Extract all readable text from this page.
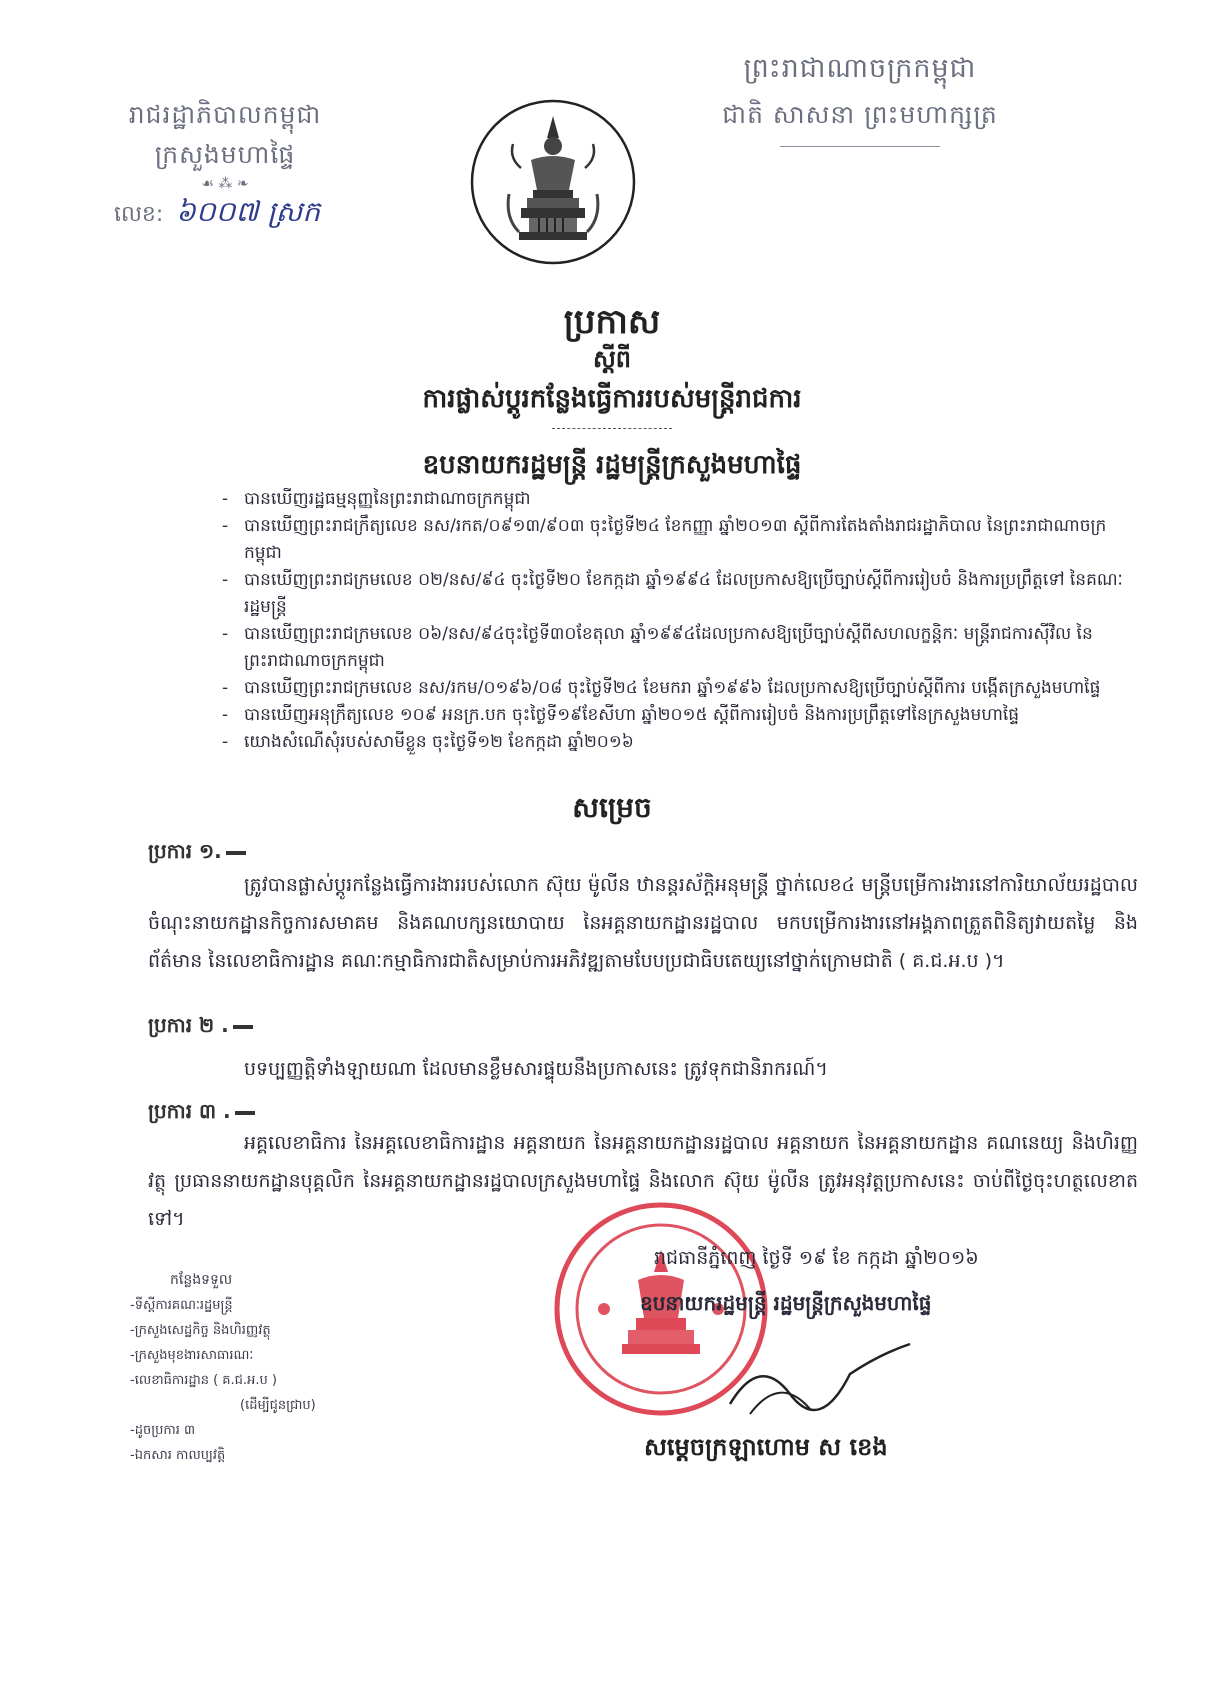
រាជរដ្ឋាភិបាលកម្ពុជា
ក្រសួងមហាផ្ទៃ
☙ ⁂ ❧
លេខ: ៦០០៧ ស្រក
ព្រះរាជាណាចក្រកម្ពុជា
ជាតិ សាសនា ព្រះមហាក្សត្រ
ប្រកាស
ស្តីពី
ការផ្លាស់ប្តូរកន្លែងធ្វើការរបស់មន្ត្រីរាជការ
ឧបនាយករដ្ឋមន្ត្រី រដ្ឋមន្ត្រីក្រសួងមហាផ្ទៃ
- បានឃើញរដ្ឋធម្មនុញ្ញនៃព្រះរាជាណាចក្រកម្ពុជា
- បានឃើញព្រះរាជក្រឹត្យលេខ នស/រកត/០៩១៣/៩០៣ ចុះថ្ងៃទី២៤ ខែកញ្ញា ឆ្នាំ២០១៣ ស្តីពីការតែងតាំងរាជរដ្ឋាភិបាល នៃព្រះរាជាណាចក្រកម្ពុជា
- បានឃើញព្រះរាជក្រមលេខ ០២/នស/៩៤ ចុះថ្ងៃទី២០ ខែកក្កដា ឆ្នាំ១៩៩៤ ដែលប្រកាសឱ្យប្រើច្បាប់ស្តីពីការរៀបចំ និងការប្រព្រឹត្តទៅ នៃគណៈរដ្ឋមន្ត្រី
- បានឃើញព្រះរាជក្រមលេខ ០៦/នស/៩៤ចុះថ្ងៃទី៣០ខែតុលា ឆ្នាំ១៩៩៤ដែលប្រកាសឱ្យប្រើច្បាប់ស្តីពីសហលក្ខន្តិកៈ មន្ត្រីរាជការស៊ីវិល នៃព្រះរាជាណាចក្រកម្ពុជា
- បានឃើញព្រះរាជក្រមលេខ នស/រកម/០១៩៦/០៨ ចុះថ្ងៃទី២៤ ខែមករា ឆ្នាំ១៩៩៦ ដែលប្រកាសឱ្យប្រើច្បាប់ស្តីពីការ បង្កើតក្រសួងមហាផ្ទៃ
- បានឃើញអនុក្រឹត្យលេខ ១០៩ អនក្រ.បក ចុះថ្ងៃទី១៩ខែសីហា ឆ្នាំ២០១៥ ស្តីពីការរៀបចំ និងការប្រព្រឹត្តទៅនៃក្រសួងមហាផ្ទៃ
- យោងសំណើសុំរបស់សាមីខ្លួន ចុះថ្ងៃទី១២ ខែកក្កដា ឆ្នាំ២០១៦
សម្រេច
ប្រការ ១.
ត្រូវបានផ្លាស់ប្តូរកន្លែងធ្វើការងាររបស់លោក ស៊ុយ ម៉ូលីន ឋានន្តរស័ក្តិអនុមន្ត្រី ថ្នាក់លេខ៤ មន្ត្រីបម្រើការងារនៅការិយាល័យរដ្ឋបាល ចំណុះនាយកដ្ឋានកិច្ចការសមាគម និងគណបក្សនយោបាយ នៃអគ្គនាយកដ្ឋានរដ្ឋបាល មកបម្រើការងារនៅអង្គភាពត្រួតពិនិត្យវាយតម្លៃ និងព័ត៌មាន នៃលេខាធិការដ្ឋាន គណៈកម្មាធិការជាតិសម្រាប់ការអភិវឌ្ឍតាមបែបប្រជាធិបតេយ្យនៅថ្នាក់ក្រោមជាតិ ( គ.ជ.អ.ប )។
ប្រការ ២ .
បទប្បញ្ញត្តិទាំងឡាយណា ដែលមានខ្លឹមសារផ្ទុយនឹងប្រកាសនេះ ត្រូវទុកជានិរាករណ៍។
ប្រការ ៣ .
អគ្គលេខាធិការ នៃអគ្គលេខាធិការដ្ឋាន អគ្គនាយក នៃអគ្គនាយកដ្ឋានរដ្ឋបាល អគ្គនាយក នៃអគ្គនាយកដ្ឋាន គណនេយ្យ និងហិរញ្ញវត្ថុ ប្រធាននាយកដ្ឋានបុគ្គលិក នៃអគ្គនាយកដ្ឋានរដ្ឋបាលក្រសួងមហាផ្ទៃ និងលោក ស៊ុយ ម៉ូលីន ត្រូវអនុវត្តប្រកាសនេះ ចាប់ពីថ្ងៃចុះហត្ថលេខាតទៅ។
រាជធានីភ្នំពេញ ថ្ងៃទី ១៩ ខែ កក្កដា ឆ្នាំ២០១៦
ឧបនាយករដ្ឋមន្ត្រី រដ្ឋមន្ត្រីក្រសួងមហាផ្ទៃ
សម្តេចក្រឡាហោម ស ខេង
កន្លែងទទួល
-ទីស្តីការគណៈរដ្ឋមន្ត្រី
-ក្រសួងសេដ្ឋកិច្ច និងហិរញ្ញវត្ថុ
-ក្រសួងមុខងារសាធារណៈ
-លេខាធិការដ្ឋាន ( គ.ជ.អ.ប )
(ដើម្បីជូនជ្រាប)
-ដូចប្រការ ៣
-ឯកសារ កាលប្បវត្តិ
